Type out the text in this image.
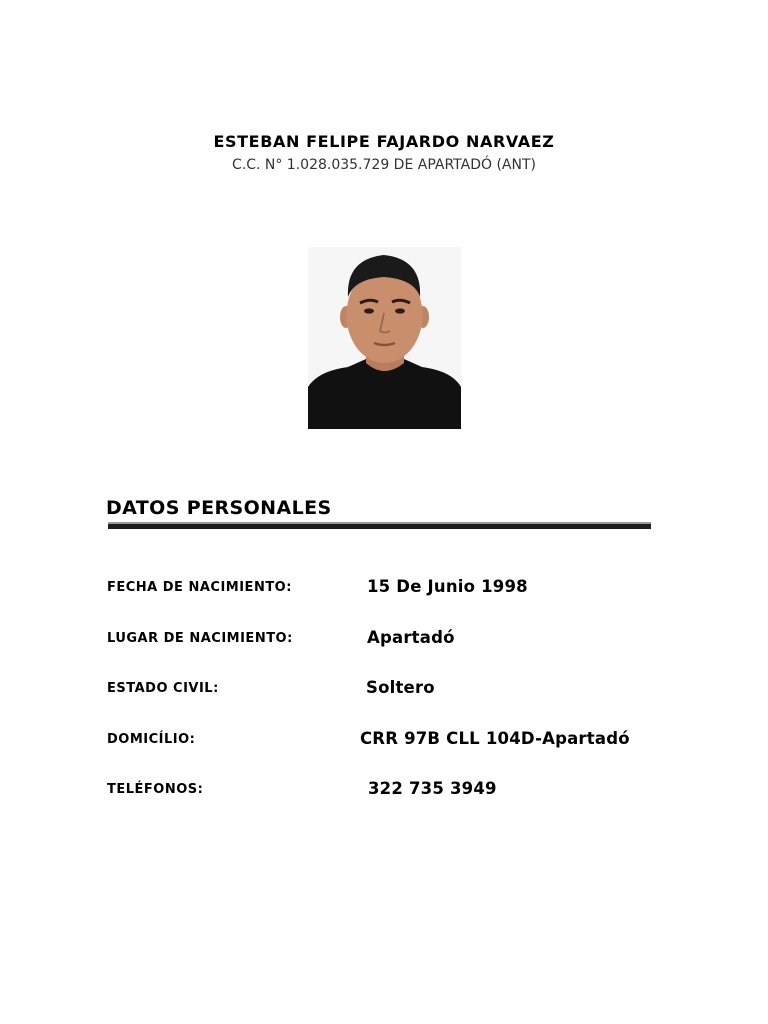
ESTEBAN FELIPE FAJARDO NARVAEZ
C.C. N° 1.028.035.729 DE APARTADÓ (ANT)
DATOS PERSONALES
FECHA DE NACIMIENTO:	15 De Junio 1998
LUGAR DE NACIMIENTO:	Apartadó
ESTADO CIVIL:	Soltero
DOMICÍLIO:	CRR 97B CLL 104D-Apartadó
TELÉFONOS:	322 735 3949
